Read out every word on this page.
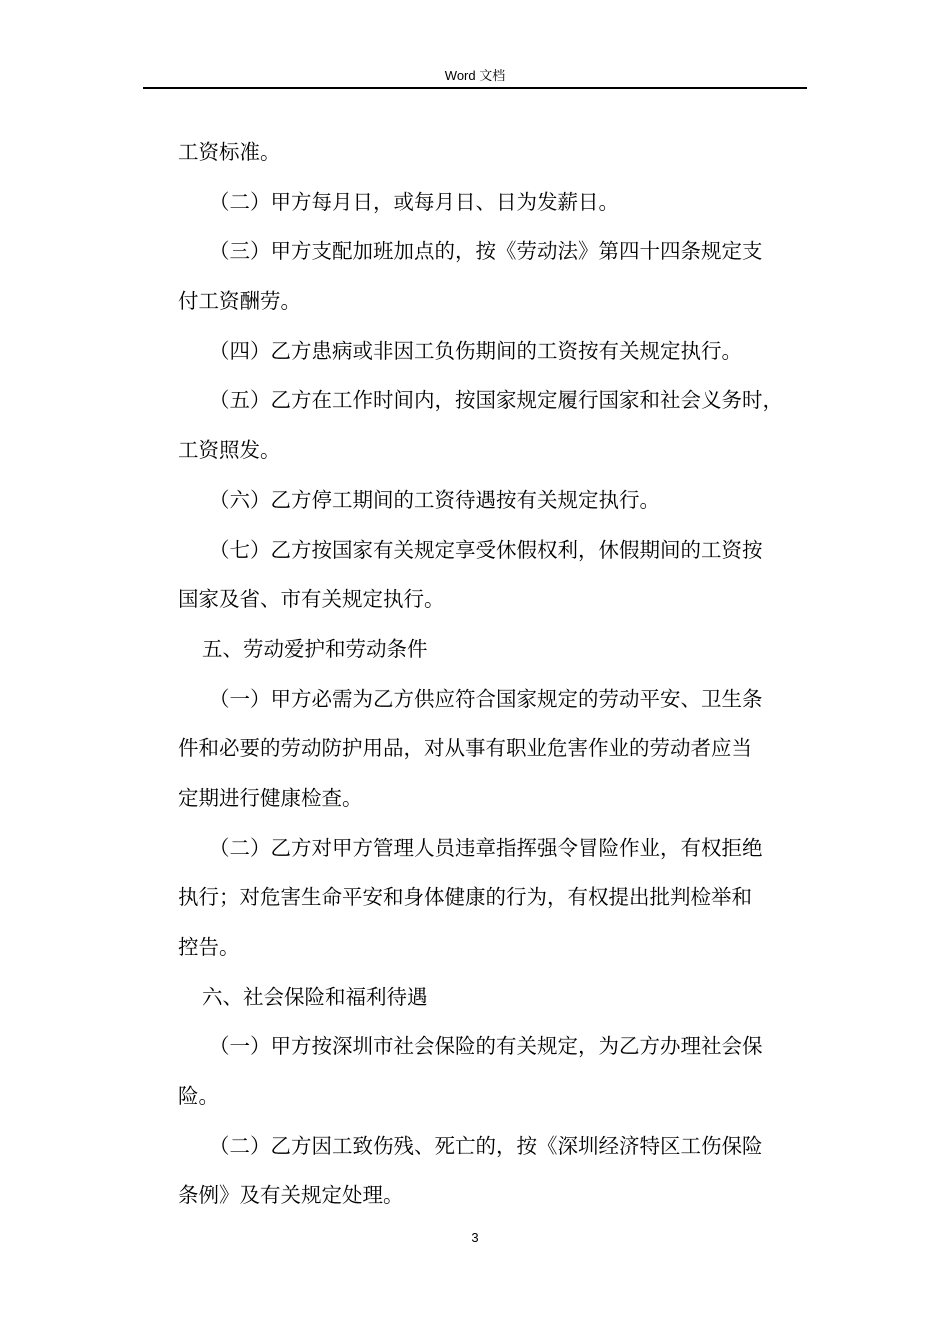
Word 文档
工资标准。
（二）甲方每月日，或每月日、日为发薪日。
（三）甲方支配加班加点的，按《劳动法》第四十四条规定支
付工资酬劳。
（四）乙方患病或非因工负伤期间的工资按有关规定执行。
（五）乙方在工作时间内，按国家规定履行国家和社会义务时，
工资照发。
（六）乙方停工期间的工资待遇按有关规定执行。
（七）乙方按国家有关规定享受休假权利，休假期间的工资按
国家及省、市有关规定执行。
五、劳动爱护和劳动条件
（一）甲方必需为乙方供应符合国家规定的劳动平安、卫生条
件和必要的劳动防护用品，对从事有职业危害作业的劳动者应当
定期进行健康检查。
（二）乙方对甲方管理人员违章指挥强令冒险作业，有权拒绝
执行；对危害生命平安和身体健康的行为，有权提出批判检举和
控告。
六、社会保险和福利待遇
（一）甲方按深圳市社会保险的有关规定，为乙方办理社会保
险。
（二）乙方因工致伤残、死亡的，按《深圳经济特区工伤保险
条例》及有关规定处理。
3
